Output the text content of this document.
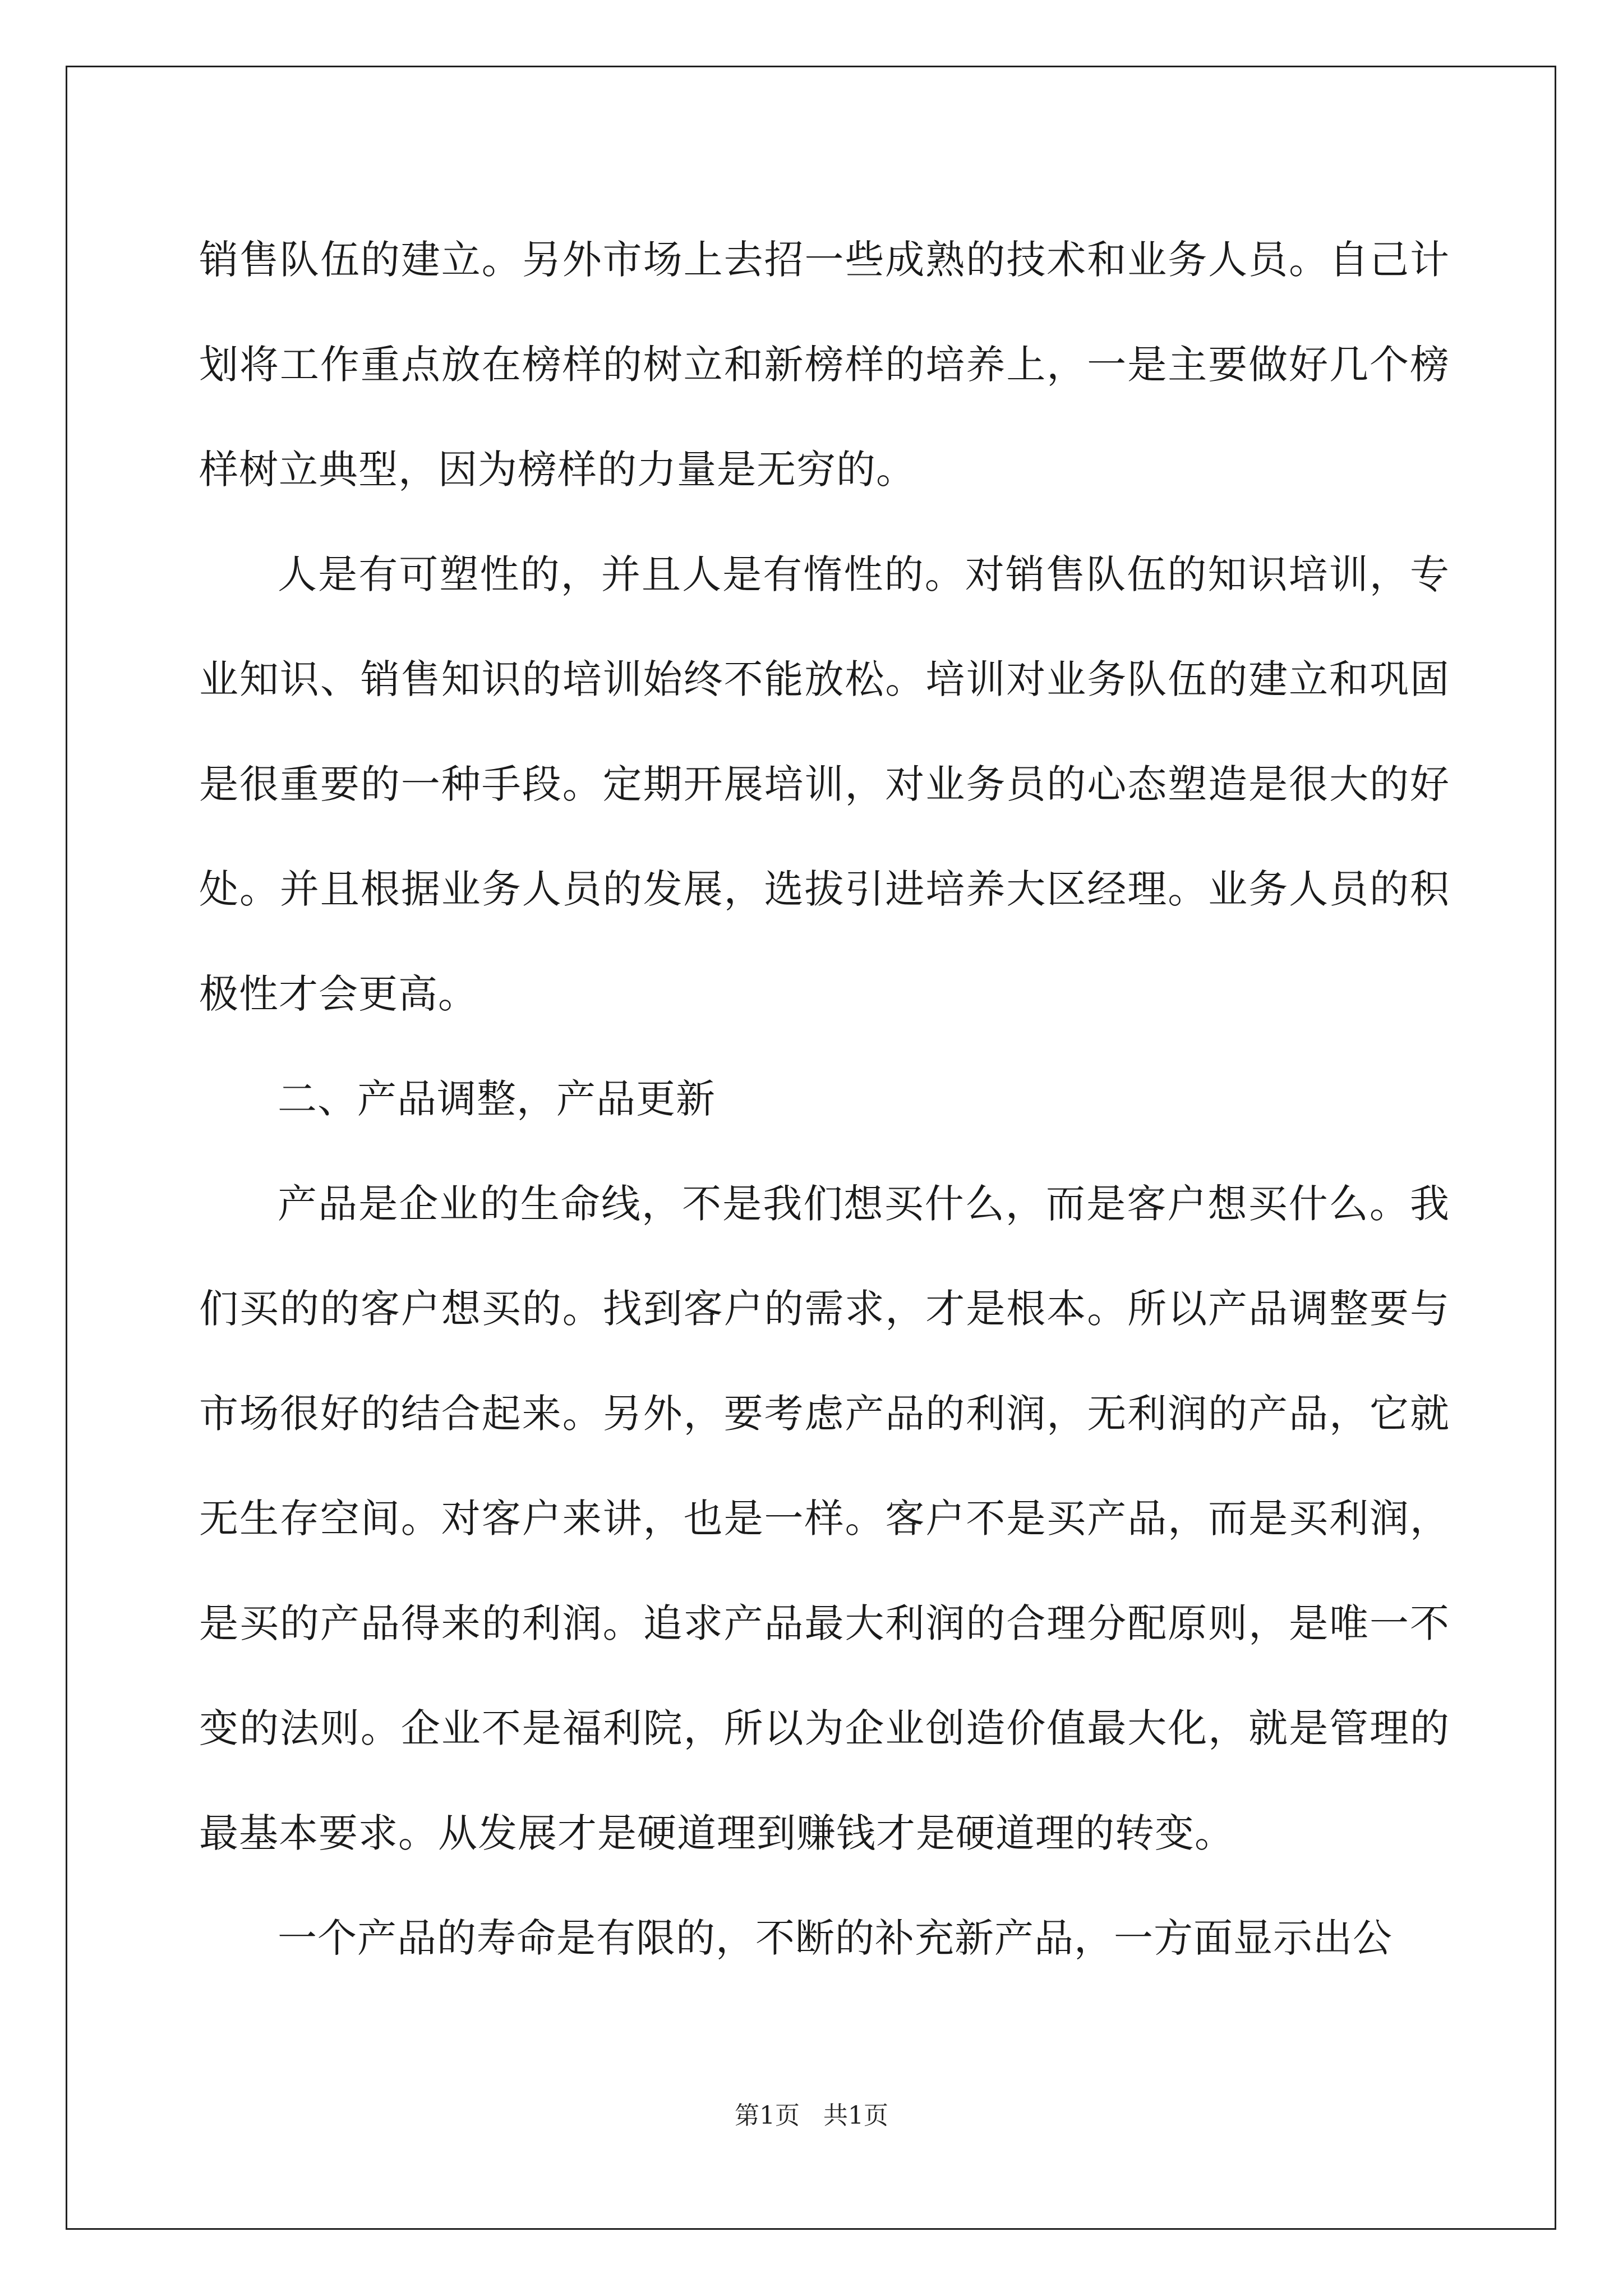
销售队伍的建立。另外市场上去招一些成熟的技术和业务人员。自己计划将工作重点放在榜样的树立和新榜样的培养上，一是主要做好几个榜样树立典型，因为榜样的力量是无穷的。

人是有可塑性的，并且人是有惰性的。对销售队伍的知识培训，专业知识、销售知识的培训始终不能放松。培训对业务队伍的建立和巩固是很重要的一种手段。定期开展培训，对业务员的心态塑造是很大的好处。并且根据业务人员的发展，选拔引进培养大区经理。业务人员的积极性才会更高。

二、产品调整，产品更新

产品是企业的生命线，不是我们想买什么，而是客户想买什么。我们买的的客户想买的。找到客户的需求，才是根本。所以产品调整要与市场很好的结合起来。另外，要考虑产品的利润，无利润的产品，它就无生存空间。对客户来讲，也是一样。客户不是买产品，而是买利润，是买的产品得来的利润。追求产品最大利润的合理分配原则，是唯一不变的法则。企业不是福利院，所以为企业创造价值最大化，就是管理的最基本要求。从发展才是硬道理到赚钱才是硬道理的转变。

一个产品的寿命是有限的，不断的补充新产品，一方面显示出公

第1页 共1页
